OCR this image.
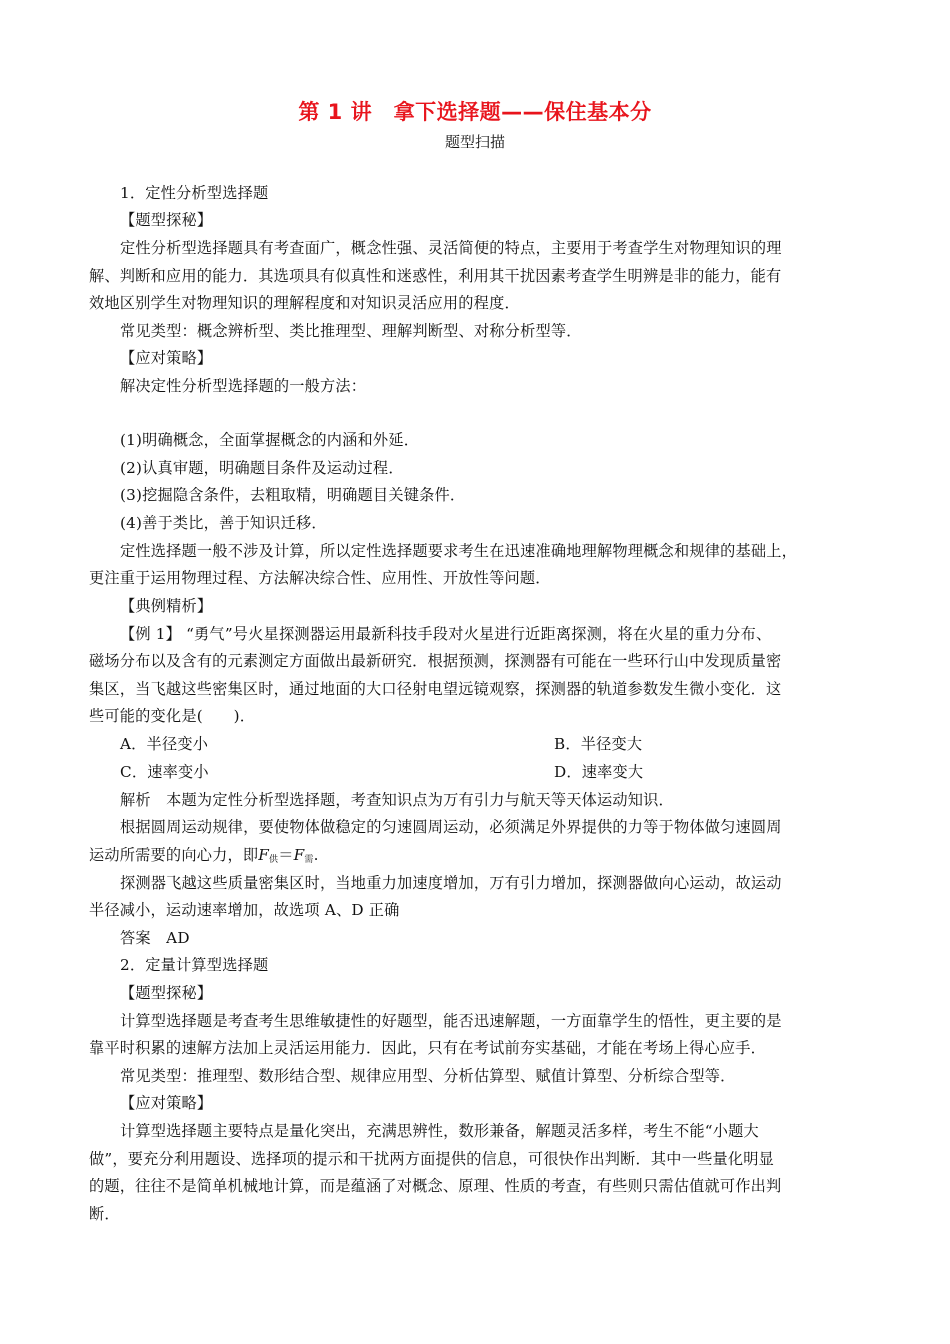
第 1 讲　拿下选择题——保住基本分
题型扫描
1．定性分析型选择题
【题型探秘】
定性分析型选择题具有考查面广，概念性强、灵活简便的特点，主要用于考查学生对物理知识的理
解、判断和应用的能力．其选项具有似真性和迷惑性，利用其干扰因素考查学生明辨是非的能力，能有
效地区别学生对物理知识的理解程度和对知识灵活应用的程度．
常见类型：概念辨析型、类比推理型、理解判断型、对称分析型等．
【应对策略】
解决定性分析型选择题的一般方法：
(1)明确概念，全面掌握概念的内涵和外延．
(2)认真审题，明确题目条件及运动过程．
(3)挖掘隐含条件，去粗取精，明确题目关键条件．
(4)善于类比，善于知识迁移．
定性选择题一般不涉及计算，所以定性选择题要求考生在迅速准确地理解物理概念和规律的基础上，
更注重于运用物理过程、方法解决综合性、应用性、开放性等问题．
【典例精析】
【例 1】 “勇气”号火星探测器运用最新科技手段对火星进行近距离探测，将在火星的重力分布、
磁场分布以及含有的元素测定方面做出最新研究．根据预测，探测器有可能在一些环行山中发现质量密
集区，当飞越这些密集区时，通过地面的大口径射电望远镜观察，探测器的轨道参数发生微小变化．这
些可能的变化是(　　)．
A．半径变小	B．半径变大
C．速率变小	D．速率变大
解析　本题为定性分析型选择题，考查知识点为万有引力与航天等天体运动知识．
根据圆周运动规律，要使物体做稳定的匀速圆周运动，必须满足外界提供的力等于物体做匀速圆周
运动所需要的向心力，即$F_供=F_需$.
探测器飞越这些质量密集区时，当地重力加速度增加，万有引力增加，探测器做向心运动，故运动
半径减小，运动速率增加，故选项 A、D 正确
答案　AD
2．定量计算型选择题
【题型探秘】
计算型选择题是考查考生思维敏捷性的好题型，能否迅速解题，一方面靠学生的悟性，更主要的是
靠平时积累的速解方法加上灵活运用能力．因此，只有在考试前夯实基础，才能在考场上得心应手．
常见类型：推理型、数形结合型、规律应用型、分析估算型、赋值计算型、分析综合型等．
【应对策略】
计算型选择题主要特点是量化突出，充满思辨性，数形兼备，解题灵活多样，考生不能“小题大
做”，要充分利用题设、选择项的提示和干扰两方面提供的信息，可很快作出判断．其中一些量化明显
的题，往往不是简单机械地计算，而是蕴涵了对概念、原理、性质的考查，有些则只需估值就可作出判
断．
